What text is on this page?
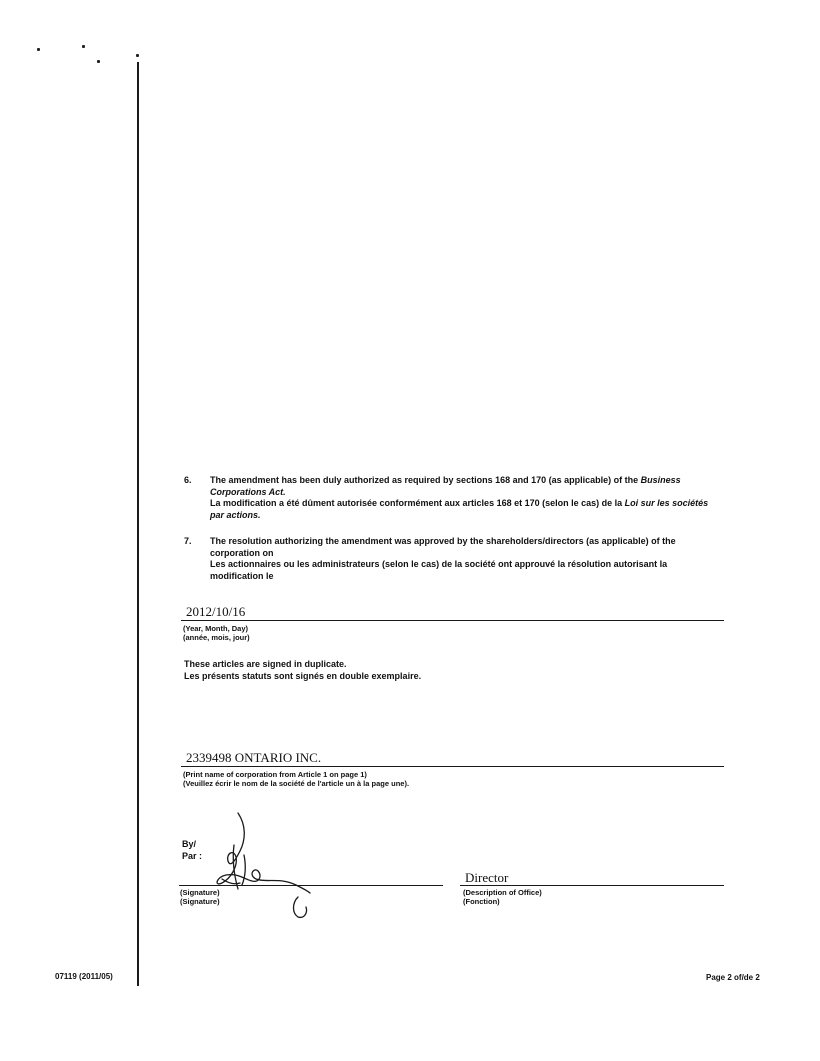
6. The amendment has been duly authorized as required by sections 168 and 170 (as applicable) of the Business Corporations Act.

La modification a été dûment autorisée conformément aux articles 168 et 170 (selon le cas) de la Loi sur les sociétés par actions.

7. The resolution authorizing the amendment was approved by the shareholders/directors (as applicable) of the corporation on

Les actionnaires ou les administrateurs (selon le cas) de la société ont approuvé la résolution autorisant la modification le

2012/10/16
(Year, Month, Day)
(année, mois, jour)
These articles are signed in duplicate.
Les présents statuts sont signés en double exemplaire.
2339498 ONTARIO INC.
(Print name of corporation from Article 1 on page 1)
(Veuillez écrir le nom de la société de l'article un à la page une).
By/
Par :
(Signature)
(Signature)
Director
(Description of Office)
(Fonction)
07119 (2011/05)	Page 2 of/de 2
